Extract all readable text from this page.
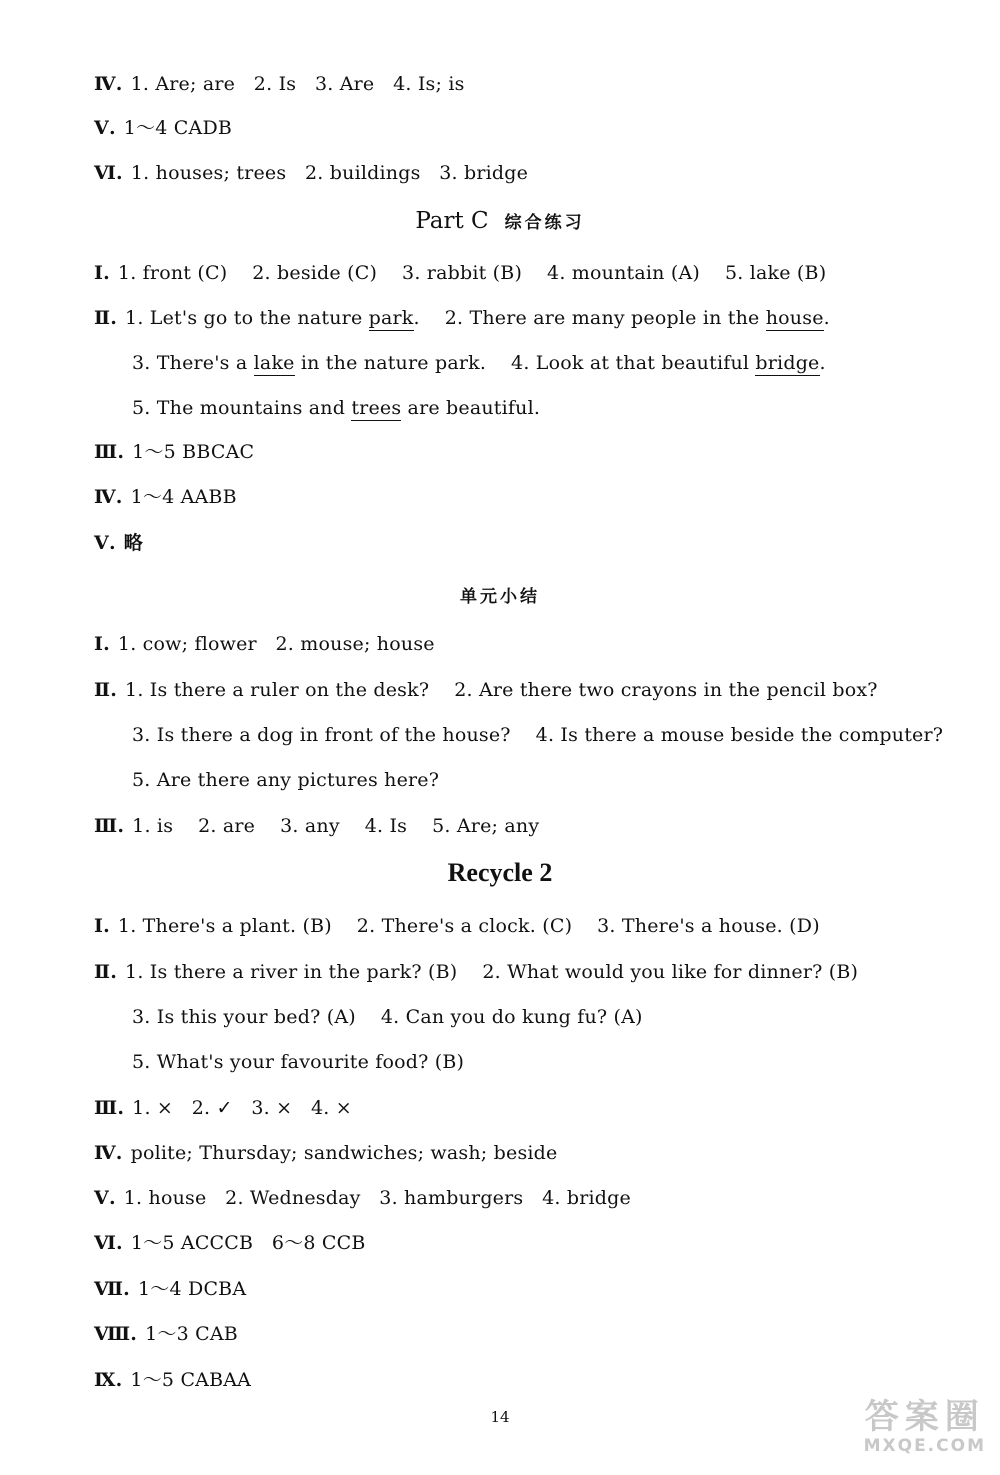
Ⅳ. 1. Are; are   2. Is   3. Are   4. Is; is
Ⅴ. 1～4 CADB
Ⅵ. 1. houses; trees   2. buildings   3. bridge
Part C 综合练习
Ⅰ. 1. front (C)    2. beside (C)    3. rabbit (B)    4. mountain (A)    5. lake (B)
Ⅱ. 1. Let's go to the nature park.    2. There are many people in the house.
3. There's a lake in the nature park.    4. Look at that beautiful bridge.
5. The mountains and trees are beautiful.
Ⅲ. 1～5 BBCAC
Ⅳ. 1～4 AABB
Ⅴ. 略
单元小结
Ⅰ. 1. cow; flower   2. mouse; house
Ⅱ. 1. Is there a ruler on the desk?    2. Are there two crayons in the pencil box?
3. Is there a dog in front of the house?    4. Is there a mouse beside the computer?
5. Are there any pictures here?
Ⅲ. 1. is    2. are    3. any    4. Is    5. Are; any
Recycle 2
Ⅰ. 1. There's a plant. (B)    2. There's a clock. (C)    3. There's a house. (D)
Ⅱ. 1. Is there a river in the park? (B)    2. What would you like for dinner? (B)
3. Is this your bed? (A)    4. Can you do kung fu? (A)
5. What's your favourite food? (B)
Ⅲ. 1. ×   2. ✓   3. ×   4. ×
Ⅳ. polite; Thursday; sandwiches; wash; beside
Ⅴ. 1. house   2. Wednesday   3. hamburgers   4. bridge
Ⅵ. 1～5 ACCCB   6～8 CCB
Ⅶ. 1～4 DCBA
Ⅷ. 1～3 CAB
Ⅸ. 1～5 CABAA
14	答案圈
MXQE.COM
